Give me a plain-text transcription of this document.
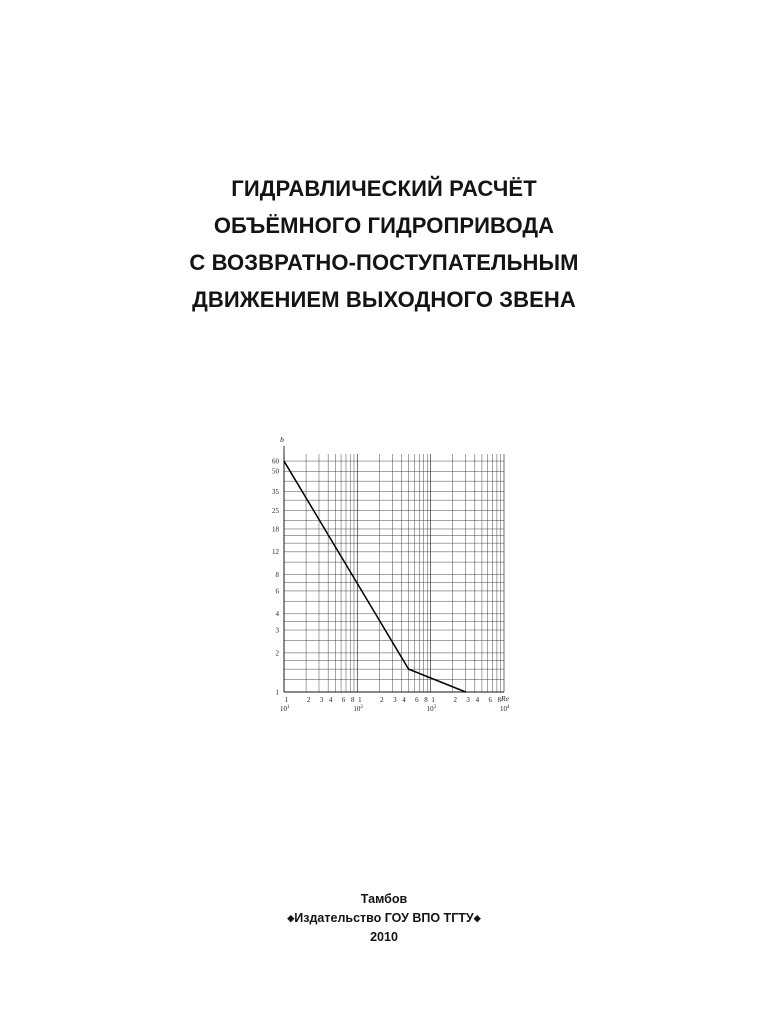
ГИДРАВЛИЧЕСКИЙ РАСЧЁТ
ОБЪЁМНОГО ГИДРОПРИВОДА
С ВОЗВРАТНО-ПОСТУПАТЕЛЬНЫМ
ДВИЖЕНИЕМ ВЫХОДНОГО ЗВЕНА
1
2
3
4
6
8
12
18
25
35
50
60
1	2 3 4 6 8 1	2 3 4 6 8 1	2 3 4 6 8
$10^1$	$10^2$	$10^3$	$10^4$
b
Re
Тамбов
◆Издательство ГОУ ВПО ТГТУ◆
2010
